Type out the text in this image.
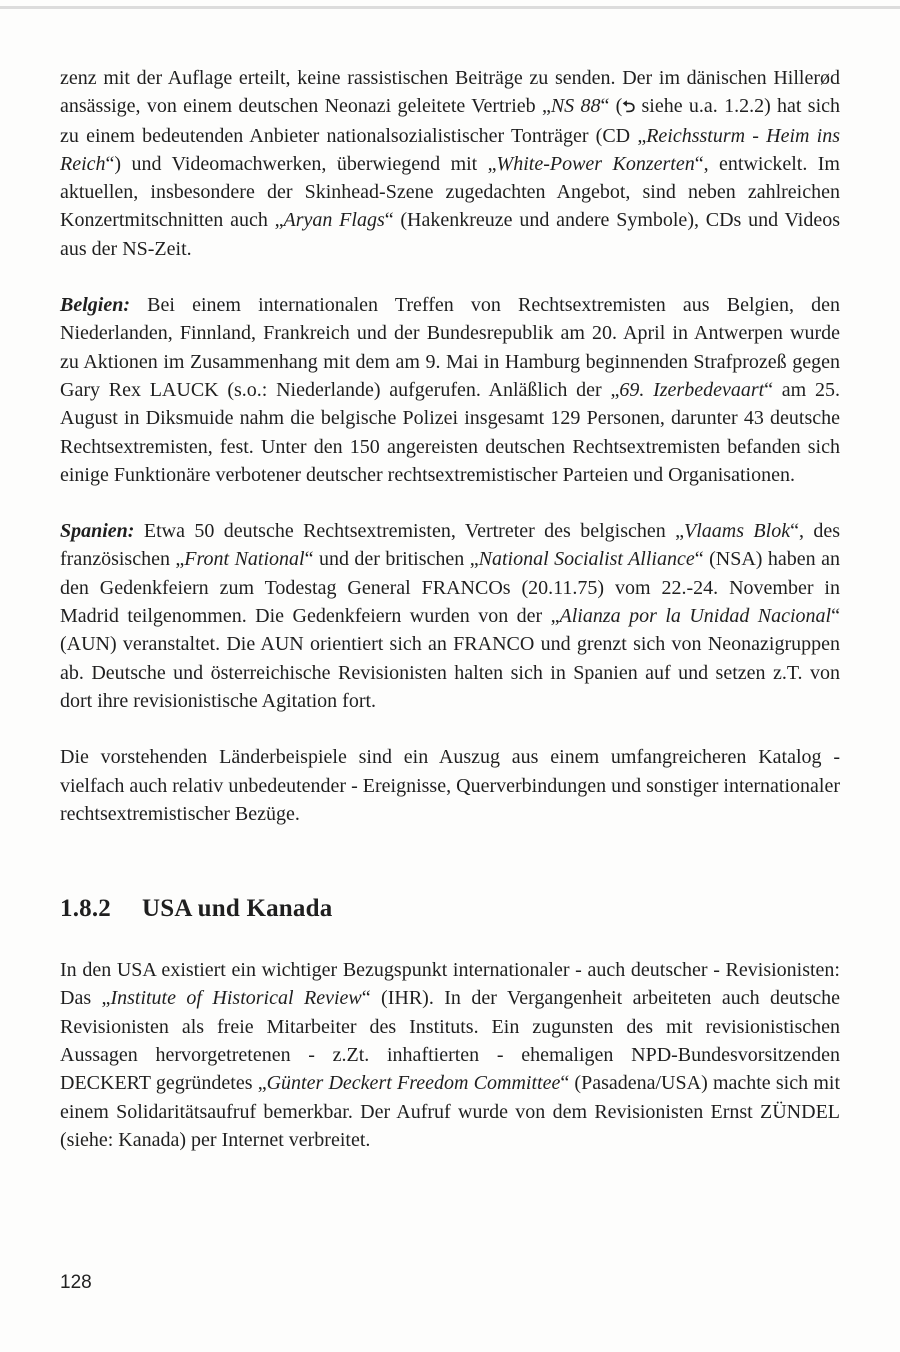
zenz mit der Auflage erteilt, keine rassistischen Beiträge zu senden. Der im dänischen Hillerød ansässige, von einem deutschen Neonazi geleitete Vertrieb „NS 88“ (⮌ siehe u.a. 1.2.2) hat sich zu einem bedeutenden Anbieter nationalsozialistischer Tonträger (CD „Reichssturm - Heim ins Reich“) und Videomachwerken, überwiegend mit „White-Power Konzerten“, entwickelt. Im aktuellen, insbesondere der Skinhead-Szene zugedachten Angebot, sind neben zahlreichen Konzertmitschnitten auch „Aryan Flags“ (Hakenkreuze und andere Symbole), CDs und Videos aus der NS-Zeit.

Belgien: Bei einem internationalen Treffen von Rechtsextremisten aus Belgien, den Niederlanden, Finnland, Frankreich und der Bundesrepublik am 20. April in Antwerpen wurde zu Aktionen im Zusammenhang mit dem am 9. Mai in Hamburg beginnenden Strafprozeß gegen Gary Rex LAUCK (s.o.: Niederlande) aufgerufen. Anläßlich der „69. Izerbedevaart“ am 25. August in Diksmuide nahm die belgische Polizei insgesamt 129 Personen, darunter 43 deutsche Rechtsextremisten, fest. Unter den 150 angereisten deutschen Rechtsextremisten befanden sich einige Funktionäre verbotener deutscher rechtsextremistischer Parteien und Organisationen.

Spanien: Etwa 50 deutsche Rechtsextremisten, Vertreter des belgischen „Vlaams Blok“, des französischen „Front National“ und der britischen „National Socialist Alliance“ (NSA) haben an den Gedenkfeiern zum Todestag General FRANCOs (20.11.75) vom 22.-24. November in Madrid teilgenommen. Die Gedenkfeiern wurden von der „Alianza por la Unidad Nacional“ (AUN) veranstaltet. Die AUN orientiert sich an FRANCO und grenzt sich von Neonazigruppen ab. Deutsche und österreichische Revisionisten halten sich in Spanien auf und setzen z.T. von dort ihre revisionistische Agitation fort.

Die vorstehenden Länderbeispiele sind ein Auszug aus einem umfangreicheren Katalog - vielfach auch relativ unbedeutender - Ereignisse, Querverbindungen und sonstiger internationaler rechtsextremistischer Bezüge.

1.8.2 USA und Kanada

In den USA existiert ein wichtiger Bezugspunkt internationaler - auch deutscher - Revisionisten: Das „Institute of Historical Review“ (IHR). In der Vergangenheit arbeiteten auch deutsche Revisionisten als freie Mitarbeiter des Instituts. Ein zugunsten des mit revisionistischen Aussagen hervorgetretenen - z.Zt. inhaftierten - ehemaligen NPD-Bundesvorsitzenden DECKERT gegründetes „Günter Deckert Freedom Committee“ (Pasadena/USA) machte sich mit einem Solidaritätsaufruf bemerkbar. Der Aufruf wurde von dem Revisionisten Ernst ZÜNDEL (siehe: Kanada) per Internet verbreitet.

128
